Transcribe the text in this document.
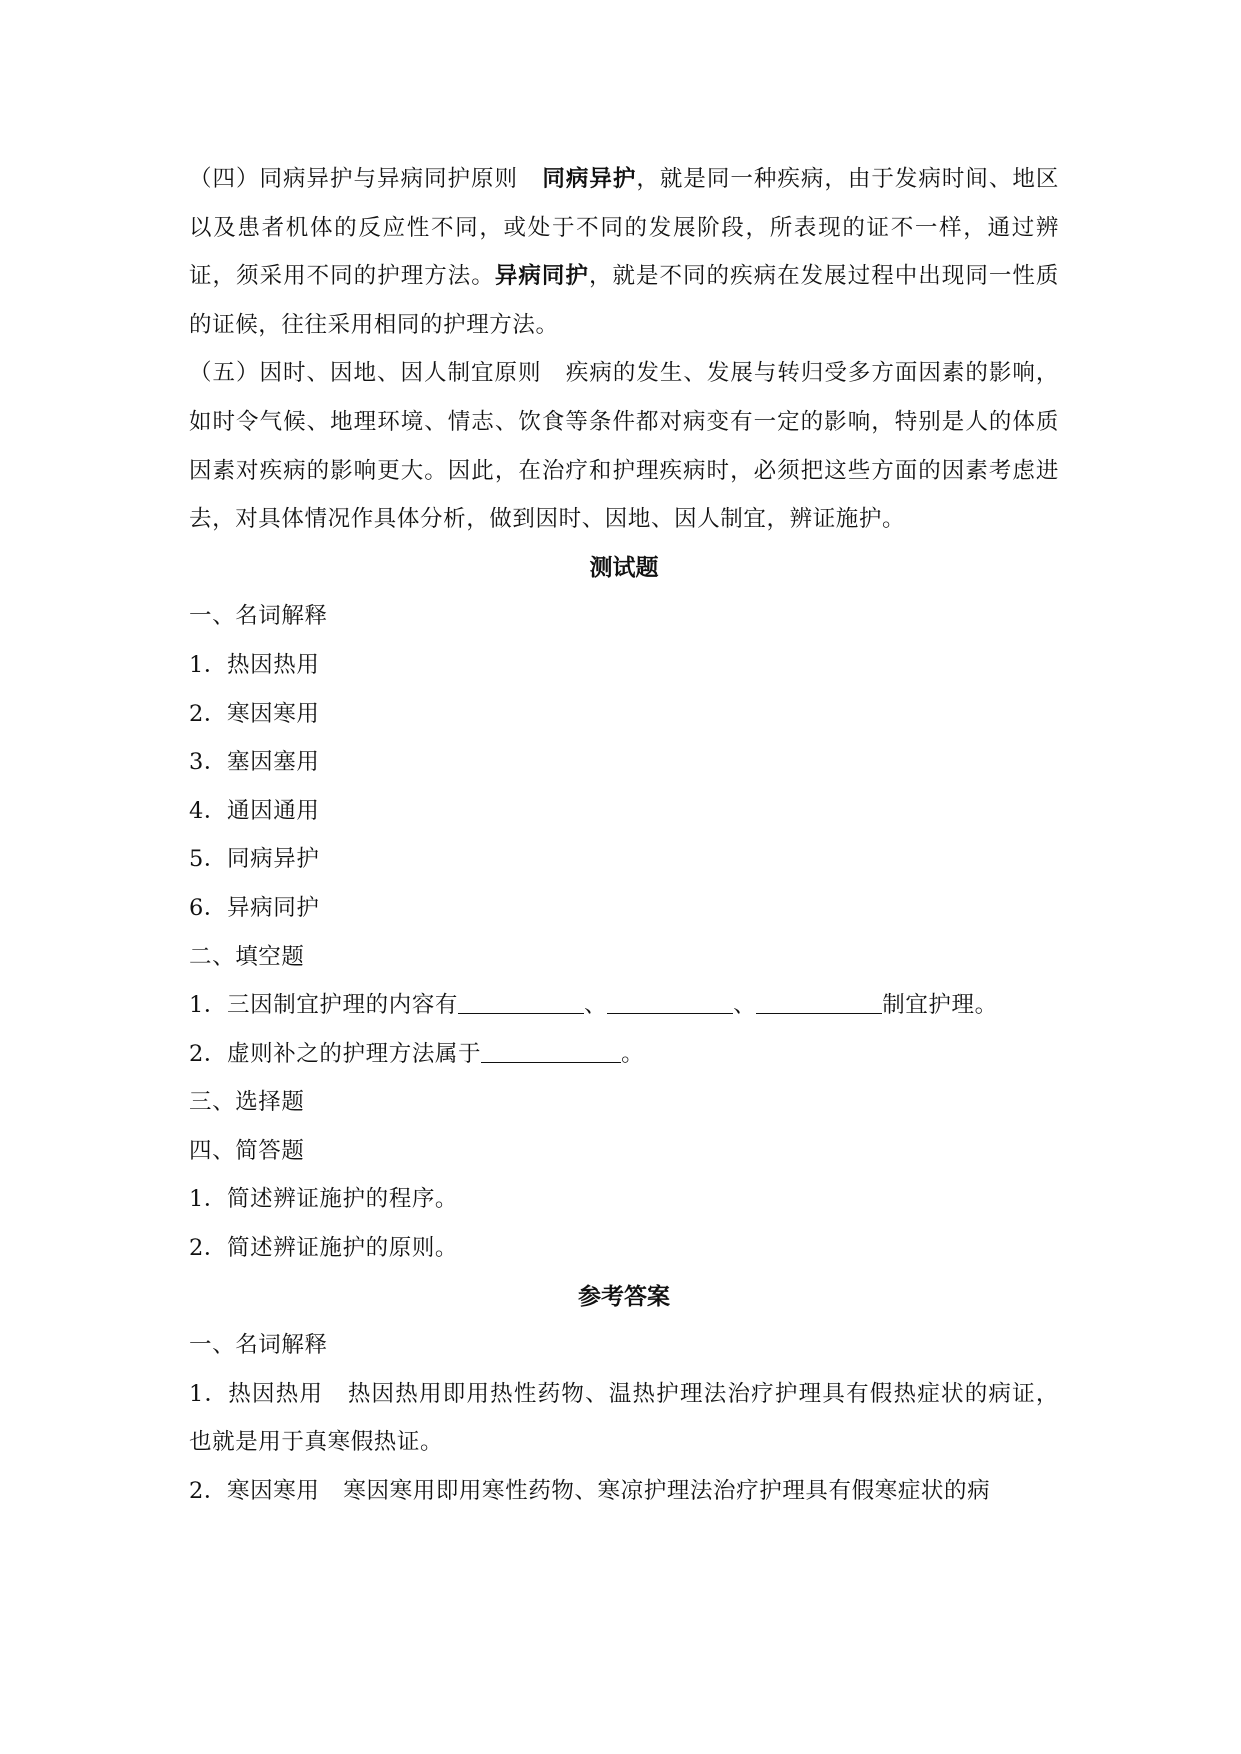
（四）同病异护与异病同护原则 同病异护，就是同一种疾病，由于发病时间、地区以及患者机体的反应性不同，或处于不同的发展阶段，所表现的证不一样，通过辨证，须采用不同的护理方法。异病同护，就是不同的疾病在发展过程中出现同一性质的证候，往往采用相同的护理方法。
（五）因时、因地、因人制宜原则 疾病的发生、发展与转归受多方面因素的影响，如时令气候、地理环境、情志、饮食等条件都对病变有一定的影响，特别是人的体质因素对疾病的影响更大。因此，在治疗和护理疾病时，必须把这些方面的因素考虑进去，对具体情况作具体分析，做到因时、因地、因人制宜，辨证施护。
测试题
一、名词解释
1．热因热用
2．寒因寒用
3．塞因塞用
4．通因通用
5．同病异护
6．异病同护
二、填空题
1．三因制宜护理的内容有	、	、	制宜护理。
2．虚则补之的护理方法属于	。
三、选择题
四、简答题
1．简述辨证施护的程序。
2．简述辨证施护的原则。
参考答案
一、名词解释
1．热因热用 热因热用即用热性药物、温热护理法治疗护理具有假热症状的病证，也就是用于真寒假热证。
2．寒因寒用 寒因寒用即用寒性药物、寒凉护理法治疗护理具有假寒症状的病
